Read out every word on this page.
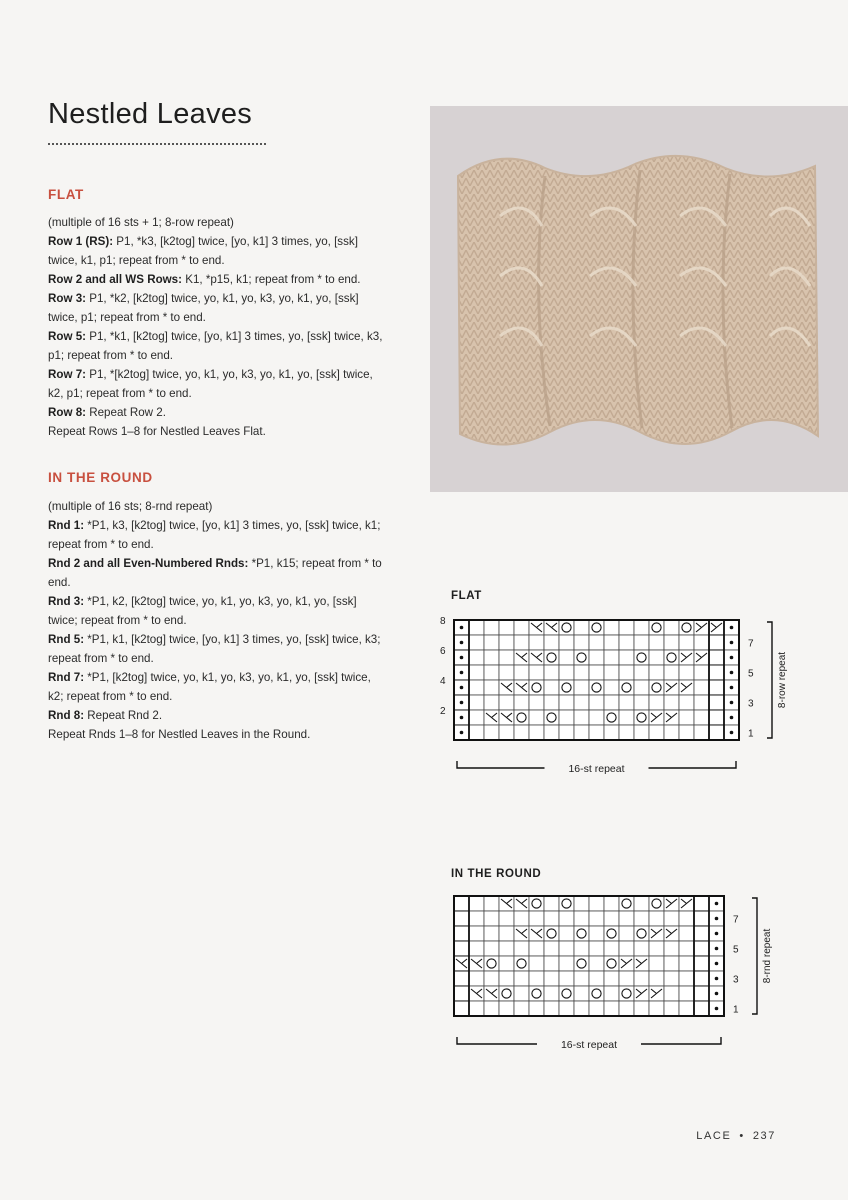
Nestled Leaves
FLAT
(multiple of 16 sts + 1; 8-row repeat)
Row 1 (RS): P1, *k3, [k2tog] twice, [yo, k1] 3 times, yo, [ssk] twice, k1, p1; repeat from * to end.
Row 2 and all WS Rows: K1, *p15, k1; repeat from * to end.
Row 3: P1, *k2, [k2tog] twice, yo, k1, yo, k3, yo, k1, yo, [ssk] twice, p1; repeat from * to end.
Row 5: P1, *k1, [k2tog] twice, [yo, k1] 3 times, yo, [ssk] twice, k3, p1; repeat from * to end.
Row 7: P1, *[k2tog] twice, yo, k1, yo, k3, yo, k1, yo, [ssk] twice, k2, p1; repeat from * to end.
Row 8: Repeat Row 2.
Repeat Rows 1–8 for Nestled Leaves Flat.
IN THE ROUND
(multiple of 16 sts; 8-rnd repeat)
Rnd 1: *P1, k3, [k2tog] twice, [yo, k1] 3 times, yo, [ssk] twice, k1; repeat from * to end.
Rnd 2 and all Even-Numbered Rnds: *P1, k15; repeat from * to end.
Rnd 3: *P1, k2, [k2tog] twice, yo, k1, yo, k3, yo, k1, yo, [ssk] twice; repeat from * to end.
Rnd 5: *P1, k1, [k2tog] twice, [yo, k1] 3 times, yo, [ssk] twice, k3; repeat from * to end.
Rnd 7: *P1, [k2tog] twice, yo, k1, yo, k3, yo, k1, yo, [ssk] twice, k2; repeat from * to end.
Rnd 8: Repeat Rnd 2.
Repeat Rnds 1–8 for Nestled Leaves in the Round.
FLAT
1
3
5
7
2
4
6
8
8-row repeat
16-st repeat
IN THE ROUND
1
3
5
7
8-rnd repeat
16-st repeat
LACE • 237
